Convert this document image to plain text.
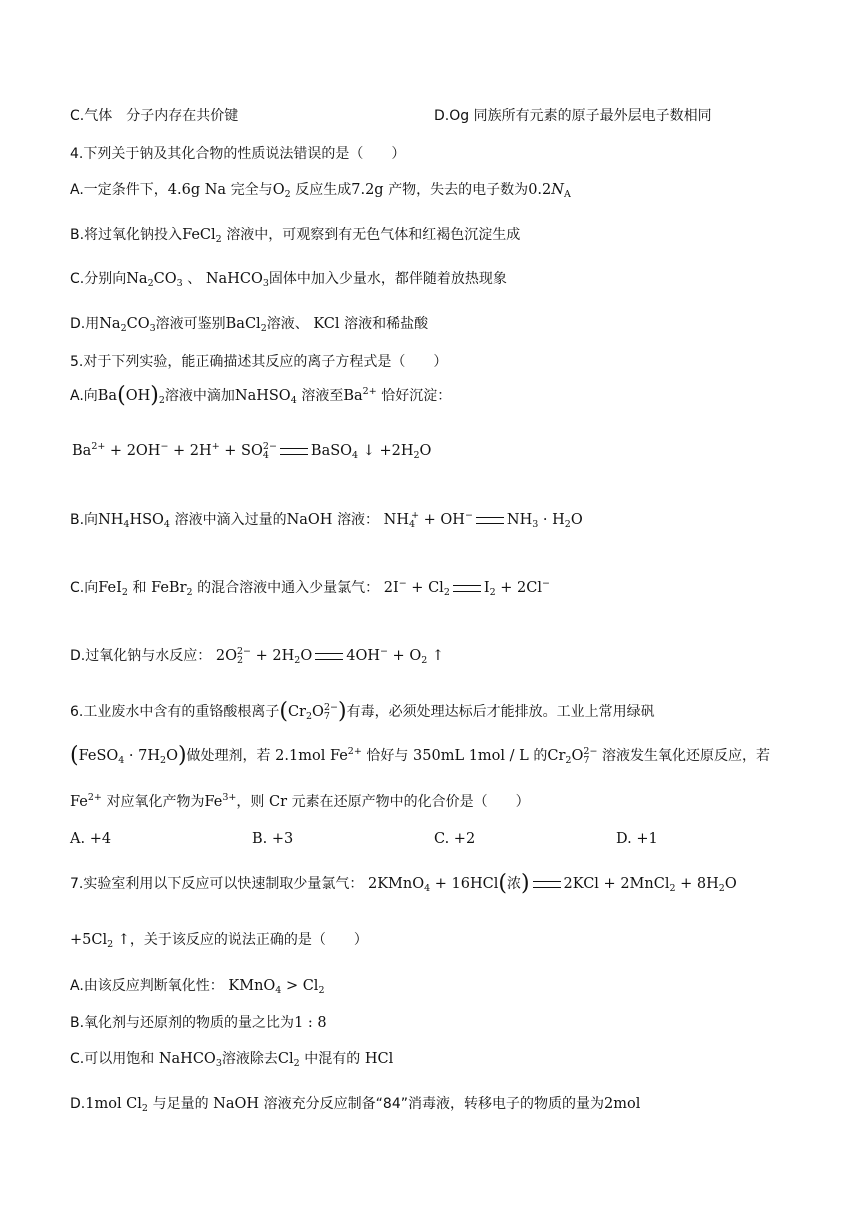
C.气体　分子内存在共价键	D.Og 同族所有元素的原子最外层电子数相同
4.下列关于钠及其化合物的性质说法错误的是（　　）
A.一定条件下，4.6g Na 完全与$O_2$ 反应生成7.2g 产物，失去的电子数为$0.2N_A$
B.将过氧化钠投入FeCl$_2$ 溶液中，可观察到有无色气体和红褐色沉淀生成
C.分别向$Na_2CO_3$ 、 NaHCO$_3$固体中加入少量水，都伴随着放热现象
D.用$Na_2CO_3$溶液可鉴别BaCl$_2$溶液、 KCl 溶液和稀盐酸
5.对于下列实验，能正确描述其反应的离子方程式是（　　）
A.向$Ba(OH)_2$溶液中滴加NaHSO$_4$ 溶液至$Ba^{2+}$ 恰好沉淀：
$Ba^{2+} + 2OH^- + 2H^+ + SO_4^{2-}$ BaSO$_4$ ↓ $+2H_2O$
B.向$NH_4HSO_4$ 溶液中滴入过量的NaOH 溶液： $NH_4^+ + OH^-$ $NH_3 \cdot H_2O$
C.向FeI$_2$ 和 FeBr$_2$ 的混合溶液中通入少量氯气： $2I^- + Cl_2$ $I_2 + 2Cl^-$
D.过氧化钠与水反应： $2O_2^{2-} + 2H_2O$ $4OH^- + O_2$ ↑
6.工业废水中含有的重铬酸根离子$(Cr_2O_7^{2-})$有毒，必须处理达标后才能排放。工业上常用绿矾
(FeSO$_4$ · $7H_2O$)做处理剂，若 2.1mol $Fe^{2+}$ 恰好与 350mL 1mol / L 的$Cr_2O_7^{2-}$ 溶液发生氧化还原反应，若
$Fe^{2+}$ 对应氧化产物为$Fe^{3+}$，则 Cr 元素在还原产物中的化合价是（　　）
A. +4	B. +3	C. +2	D. +1
7.实验室利用以下反应可以快速制取少量氯气： 2KMnO$_4$ + 16HCl(浓) 2KCl + 2MnCl$_2$ + $8H_2O$
$+5Cl_2$ ↑，关于该反应的说法正确的是（　　）
A.由该反应判断氧化性： KMnO$_4$ > $Cl_2$
B.氧化剂与还原剂的物质的量之比为1 : 8
C.可以用饱和 NaHCO$_3$溶液除去$Cl_2$ 中混有的 HCl
D.1mol $Cl_2$ 与足量的 NaOH 溶液充分反应制备“84”消毒液，转移电子的物质的量为2mol
